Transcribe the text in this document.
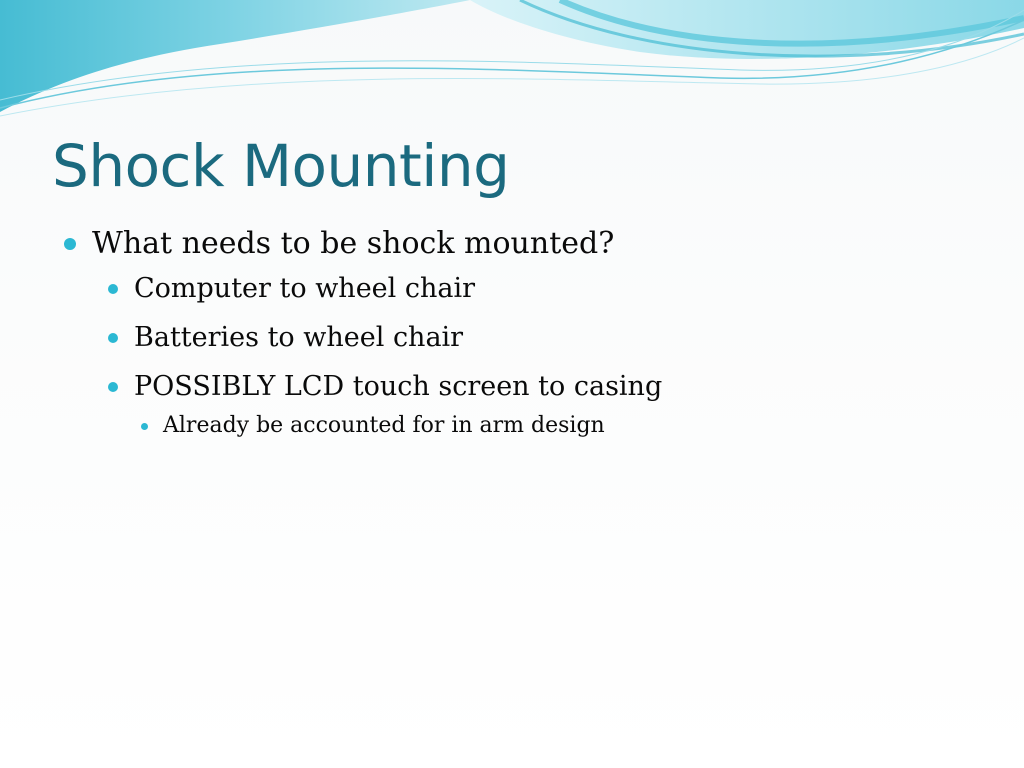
Shock Mounting
What needs to be shock mounted?
Computer to wheel chair
Batteries to wheel chair
POSSIBLY LCD touch screen to casing
Already be accounted for in arm design
